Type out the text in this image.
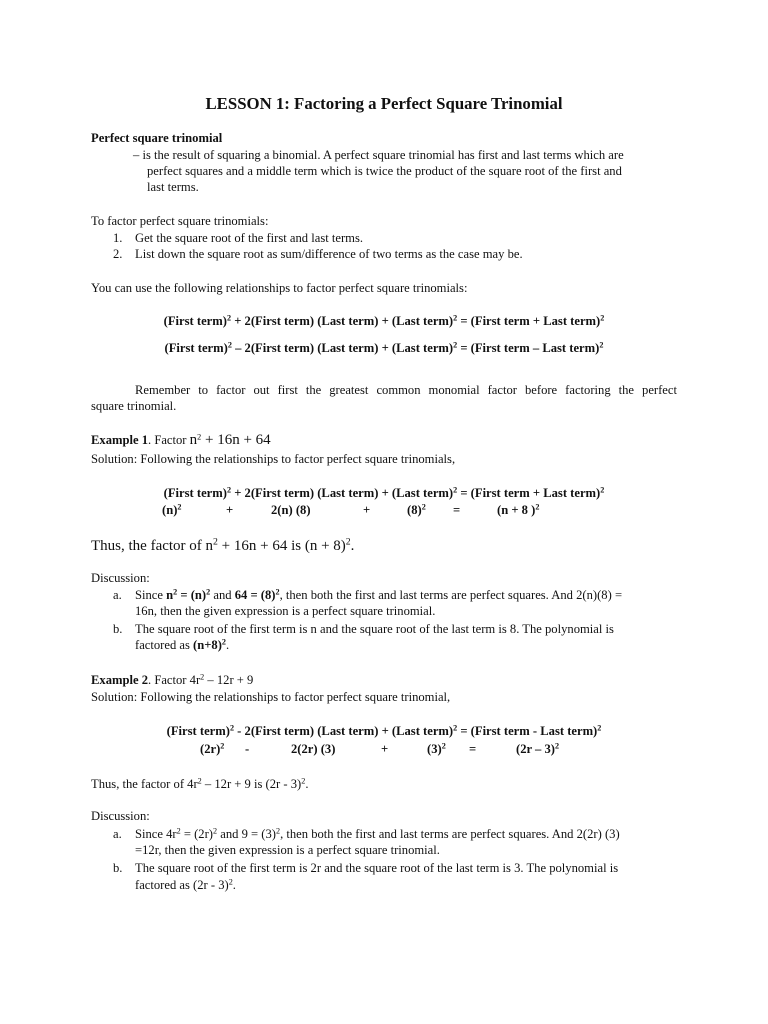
LESSON 1: Factoring a Perfect Square Trinomial
Perfect square trinomial
– is the result of squaring a binomial. A perfect square trinomial has first and last terms which are
perfect squares and a middle term which is twice the product of the square root of the first and
last terms.
To factor perfect square trinomials:
1. Get the square root of the first and last terms.
2. List down the square root as sum/difference of two terms as the case may be.
You can use the following relationships to factor perfect square trinomials:
(First term)$^2$ + 2(First term) (Last term) + (Last term)$^2$ = (First term + Last term)$^2$
(First term)$^2$ – 2(First term) (Last term) + (Last term)$^2$ = (First term – Last term)$^2$
Remember to factor out first the greatest common monomial factor before factoring the perfect
square trinomial.
Example 1. Factor $n^2 + 16n + 64$
Solution: Following the relationships to factor perfect square trinomials,
(First term)$^2$ + 2(First term) (Last term) + (Last term)$^2$ = (First term + Last term)$^2$
$(n)^2$	+	2(n) (8)	+	$(8)^2$ =	(n + 8 )$^2$
Thus, the factor of $n^2 + 16n + 64$ is $(n + 8)^2$.
Discussion:
a. Since $n^2 = (n)^2$ and $64 = (8)^2$, then both the first and last terms are perfect squares. And 2(n)(8) =
16n, then the given expression is a perfect square trinomial.
b. The square root of the first term is n and the square root of the last term is 8. The polynomial is
factored as $(n+8)^2$.
Example 2. Factor $4r^2 - 12r + 9$
Solution: Following the relationships to factor perfect square trinomial,
(First term)$^2$ - 2(First term) (Last term) + (Last term)$^2$ = (First term - Last term)$^2$
$(2r)^2$ -	2(2r) (3)	+	$(3)^2$ =	(2r – 3)$^2$
Thus, the factor of $4r^2 - 12r + 9$ is (2r - 3)$^2$.
Discussion:
a. Since $4r^2 = (2r)^2$ and $9 = (3)^2$, then both the first and last terms are perfect squares. And 2(2r) (3)
=12r, then the given expression is a perfect square trinomial.
b. The square root of the first term is 2r and the square root of the last term is 3. The polynomial is
factored as (2r - 3)$^2$.
